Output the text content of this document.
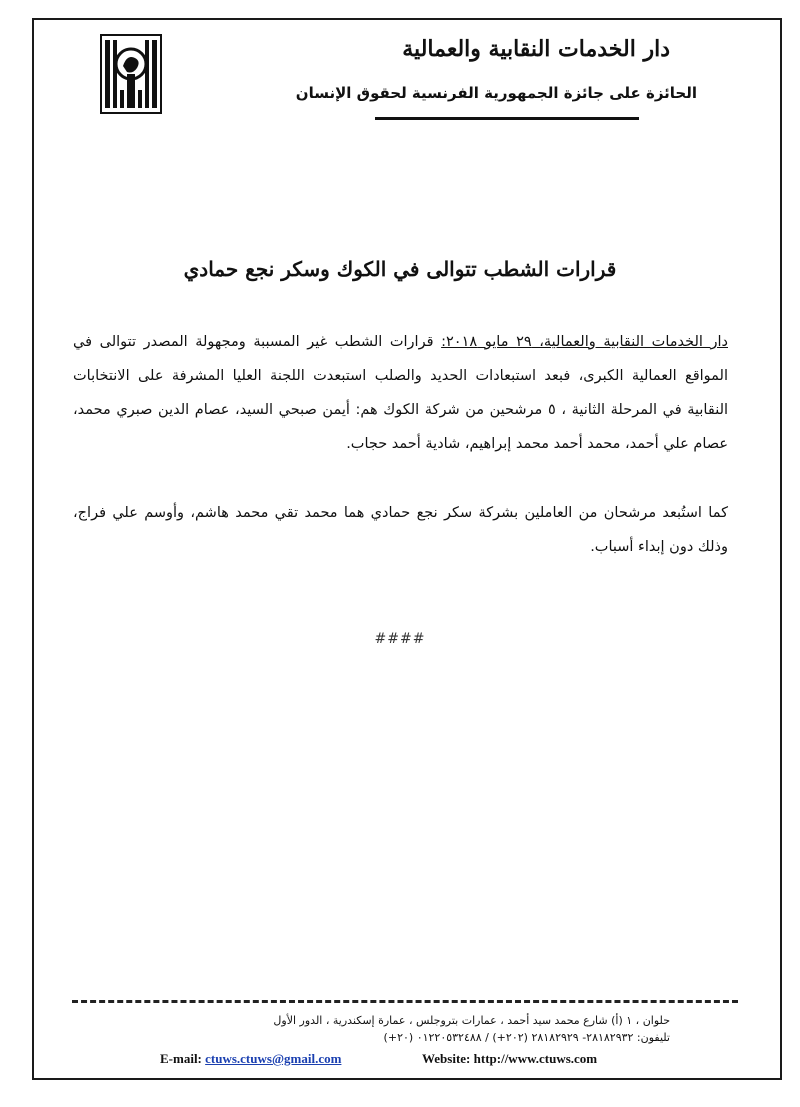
دار الخدمات النقابية والعمالية
الحائزة على جائزة الجمهورية الفرنسية لحقوق الإنسان
قرارات الشطب تتوالى في الكوك وسكر نجع حمادي

دار الخدمات النقابية والعمالية، ٢٩ مايو ٢٠١٨: قرارات الشطب غير المسببة ومجهولة المصدر تتوالى في المواقع العمالية الكبرى، فبعد استبعادات الحديد والصلب استبعدت اللجنة العليا المشرفة على الانتخابات النقابية في المرحلة الثانية ، ٥ مرشحين من شركة الكوك هم: أيمن صبحي السيد، عصام الدين صبري محمد، عصام علي أحمد، محمد أحمد محمد إبراهيم، شادية أحمد حجاب.

كما استُبعد مرشحان من العاملين بشركة سكر نجع حمادي هما محمد تقي محمد هاشم، وأوسم علي فراج، وذلك دون إبداء أسباب.

####
حلوان ، ١ (أ) شارع محمد سيد أحمد ، عمارات بتروجلس ، عمارة إسكندرية ، الدور الأول
تليفون: ٢٨١٨٢٩٣٢- ٢٨١٨٢٩٢٩ (٢٠٢+) / ٠١٢٢٠٥٣٢٤٨٨ (٢٠+)
E-mail: ctuws.ctuws@gmail.com	Website: http://www.ctuws.com
